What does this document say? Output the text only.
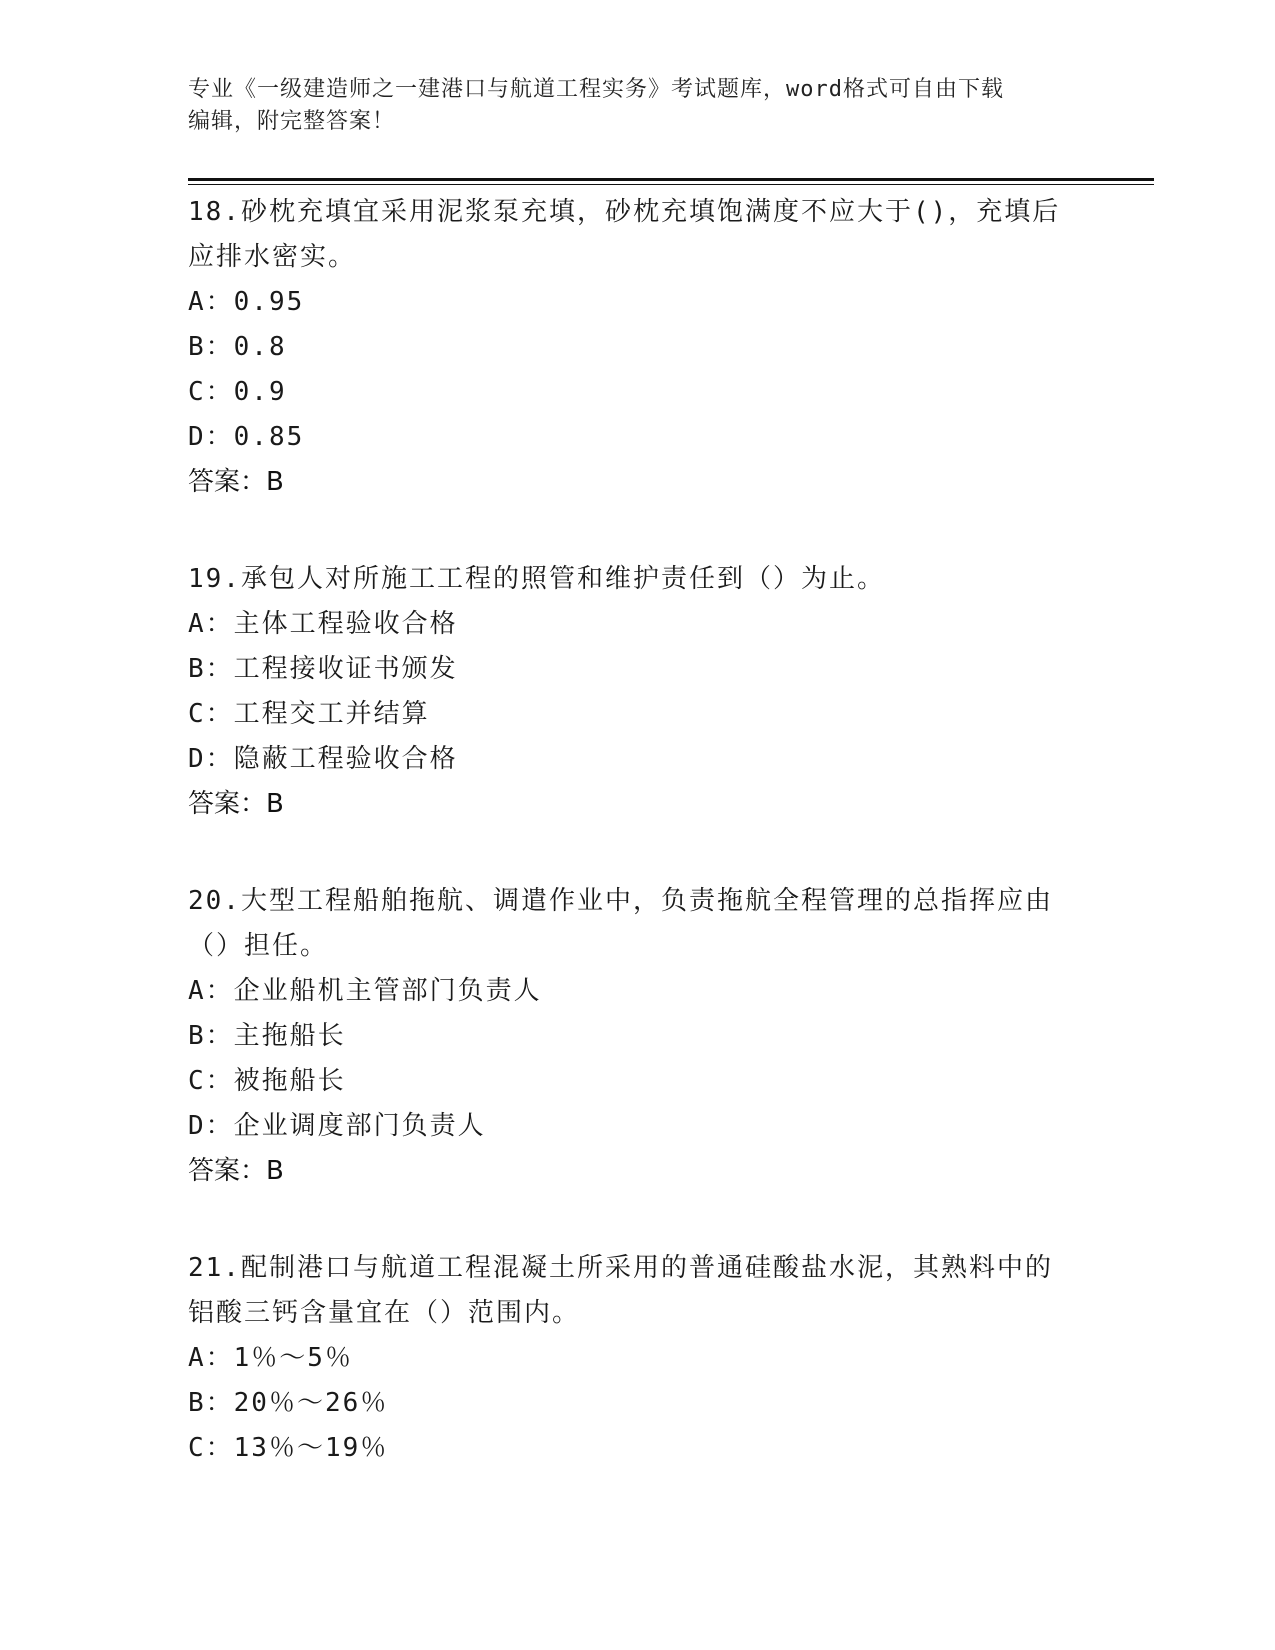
专业《一级建造师之一建港口与航道工程实务》考试题库，word格式可自由下载
编辑，附完整答案！
18.砂枕充填宜采用泥浆泵充填，砂枕充填饱满度不应大于()，充填后
应排水密实。
A：0.95
B：0.8
C：0.9
D：0.85
答案：B
19.承包人对所施工工程的照管和维护责任到（）为止。
A：主体工程验收合格
B：工程接收证书颁发
C：工程交工并结算
D：隐蔽工程验收合格
答案：B
20.大型工程船舶拖航、调遣作业中，负责拖航全程管理的总指挥应由
（）担任。
A：企业船机主管部门负责人
B：主拖船长
C：被拖船长
D：企业调度部门负责人
答案：B
21.配制港口与航道工程混凝土所采用的普通硅酸盐水泥，其熟料中的
铝酸三钙含量宜在（）范围内。
A：1％～5％
B：20％～26％
C：13％～19％
